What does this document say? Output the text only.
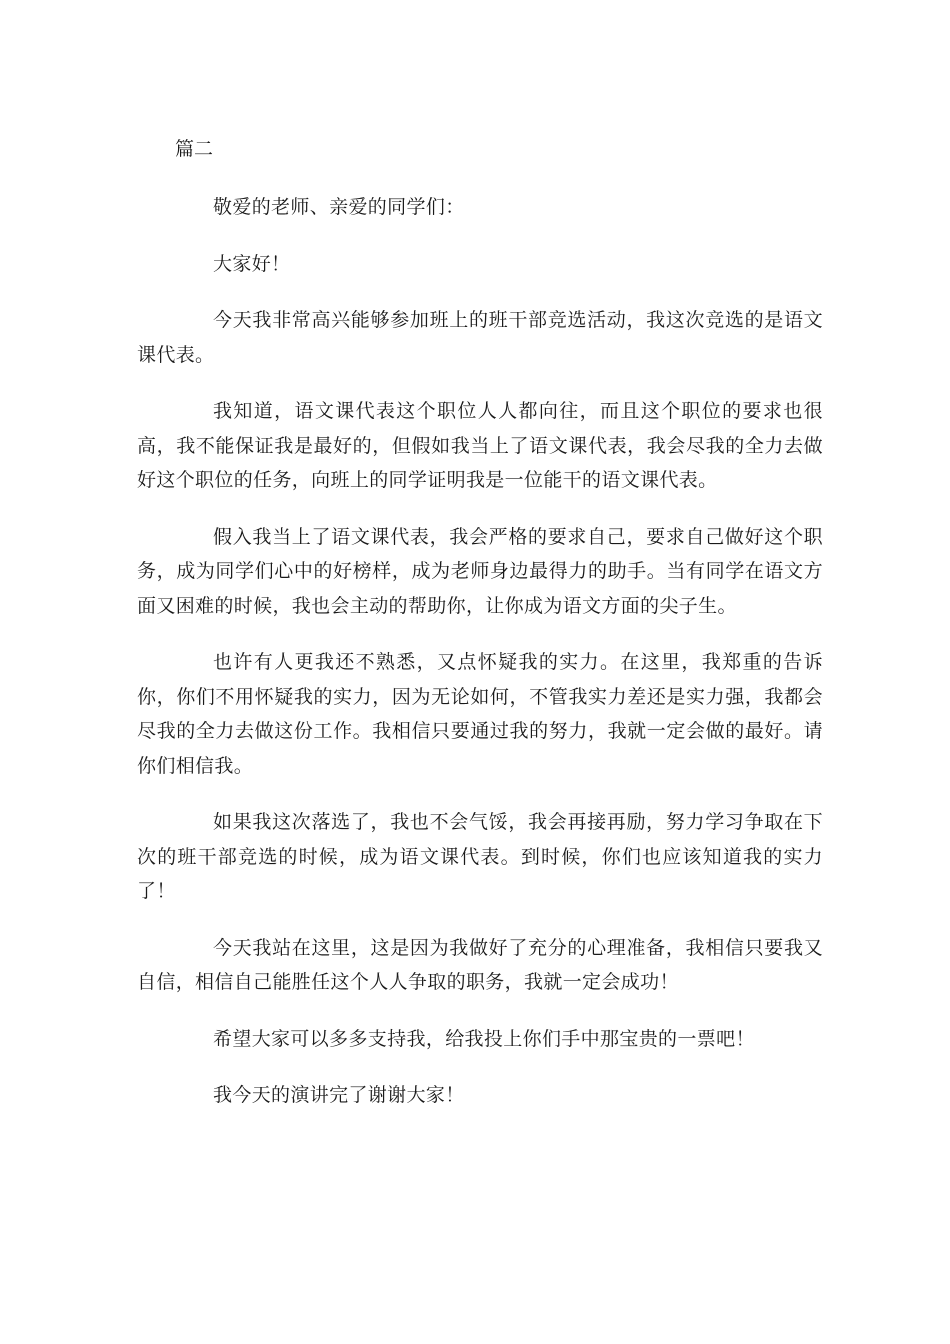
篇二

敬爱的老师、亲爱的同学们：

大家好！

今天我非常高兴能够参加班上的班干部竞选活动，我这次竞选的是语文课代表。

我知道，语文课代表这个职位人人都向往，而且这个职位的要求也很高，我不能保证我是最好的，但假如我当上了语文课代表，我会尽我的全力去做好这个职位的任务，向班上的同学证明我是一位能干的语文课代表。

假入我当上了语文课代表，我会严格的要求自己，要求自己做好这个职务，成为同学们心中的好榜样，成为老师身边最得力的助手。当有同学在语文方面又困难的时候，我也会主动的帮助你，让你成为语文方面的尖子生。

也许有人更我还不熟悉，又点怀疑我的实力。在这里，我郑重的告诉你，你们不用怀疑我的实力，因为无论如何，不管我实力差还是实力强，我都会尽我的全力去做这份工作。我相信只要通过我的努力，我就一定会做的最好。请你们相信我。

如果我这次落选了，我也不会气馁，我会再接再励，努力学习争取在下次的班干部竞选的时候，成为语文课代表。到时候，你们也应该知道我的实力了！

今天我站在这里，这是因为我做好了充分的心理准备，我相信只要我又自信，相信自己能胜任这个人人争取的职务，我就一定会成功！

希望大家可以多多支持我，给我投上你们手中那宝贵的一票吧！

我今天的演讲完了谢谢大家！
